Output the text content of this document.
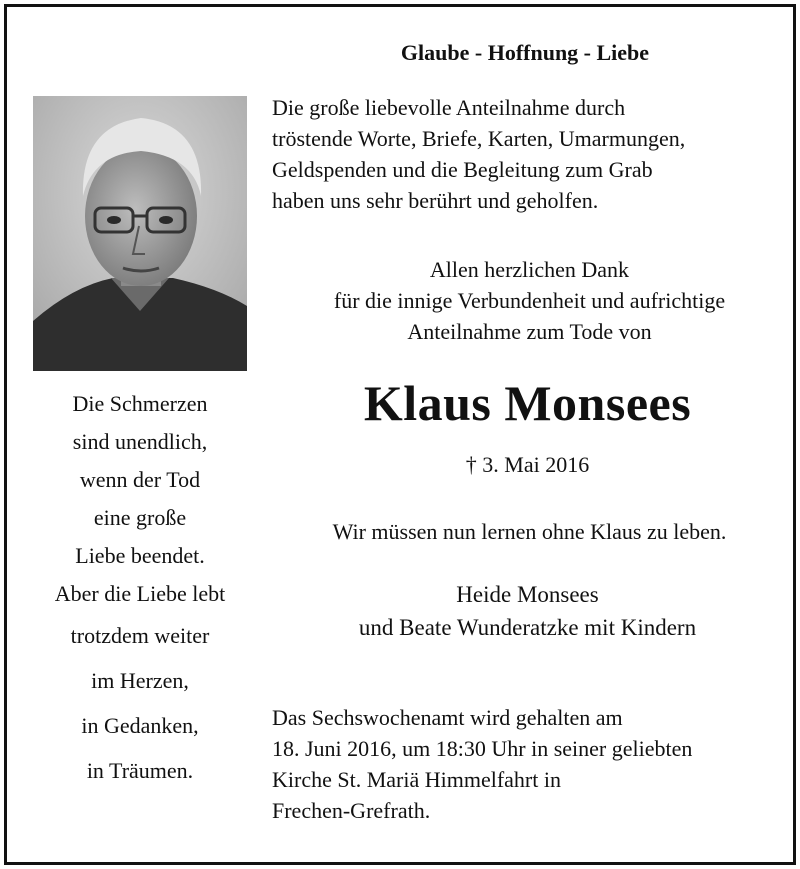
Glaube - Hoffnung - Liebe
Die große liebevolle Anteilnahme durch
tröstende Worte, Briefe, Karten, Umarmungen,
Geldspenden und die Begleitung zum Grab
haben uns sehr berührt und geholfen.
Allen herzlichen Dank
für die innige Verbundenheit und aufrichtige
Anteilnahme zum Tode von
Klaus Monsees
† 3. Mai 2016
Wir müssen nun lernen ohne Klaus zu leben.
Heide Monsees
und Beate Wunderatzke mit Kindern
Die Schmerzen
sind unendlich,
wenn der Tod
eine große
Liebe beendet.
Aber die Liebe lebt
trotzdem weiter
im Herzen,
in Gedanken,
in Träumen.
Das Sechswochenamt wird gehalten am
18. Juni 2016, um 18:30 Uhr in seiner geliebten
Kirche St. Mariä Himmelfahrt in
Frechen-Grefrath.
